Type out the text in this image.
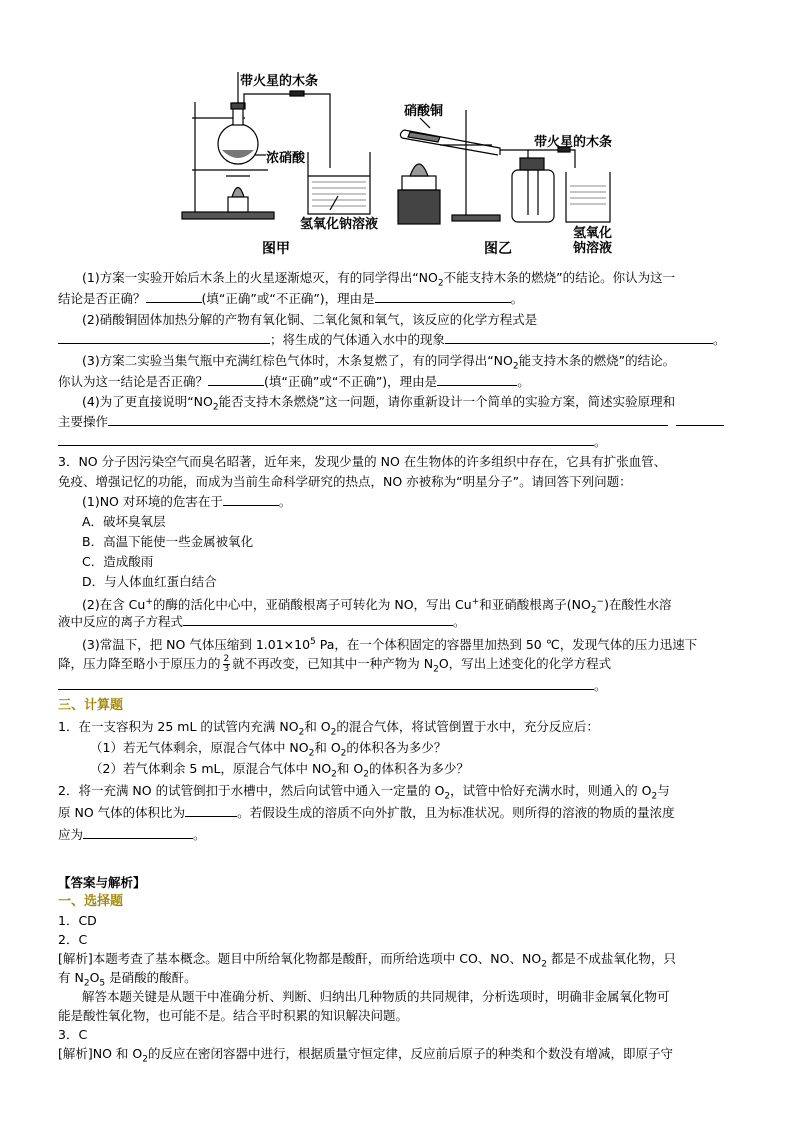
带火星的木条
浓硝酸
氢氧化钠溶液
图甲
硝酸铜
带火星的木条
氢氧化
钠溶液
图乙
(1)方案一实验开始后木条上的火星逐渐熄灭，有的同学得出“$NO_2$不能支持木条的燃烧”的结论。你认为这一
结论是否正确？	(填“正确”或“不正确”)，理由是	。
(2)硝酸铜固体加热分解的产物有氧化铜、二氧化氮和氧气，该反应的化学方程式是
；将生成的气体通入水中的现象	。
(3)方案二实验当集气瓶中充满红棕色气体时，木条复燃了，有的同学得出“$NO_2$能支持木条的燃烧”的结论。
你认为这一结论是否正确？	(填“正确”或“不正确”)，理由是	。
(4)为了更直接说明“$NO_2$能否支持木条燃烧”这一问题，请你重新设计一个简单的实验方案，简述实验原理和
主要操作
。
3．NO 分子因污染空气而臭名昭著，近年来，发现少量的 NO 在生物体的许多组织中存在，它具有扩张血管、
免疫、增强记忆的功能，而成为当前生命科学研究的热点，NO 亦被称为“明星分子”。请回答下列问题：
(1)NO 对环境的危害在于	。
A．破坏臭氧层
B．高温下能使一些金属被氧化
C．造成酸雨
D．与人体血红蛋白结合
(2)在含 Cu+的酶的活化中心中，亚硝酸根离子可转化为 NO，写出 Cu+和亚硝酸根离子$(NO_2^-)$在酸性水溶
液中反应的离子方程式	。
(3)常温下，把 NO 气体压缩到 $1.01\times 10^5$ Pa，在一个体积固定的容器里加热到 50 ℃，发现气体的压力迅速下
降，压力降至略小于原压力的 $\frac{2}{3}$ 就不再改变，已知其中一种产物为 $N_2O$，写出上述变化的化学方程式
。
三、计算题
1．在一支容积为 25 mL 的试管内充满 $NO_2$和 $O_2$的混合气体，将试管倒置于水中，充分反应后：
（1）若无气体剩余，原混合气体中 $NO_2$和 $O_2$的体积各为多少？
（2）若气体剩余 5 mL，原混合气体中 $NO_2$和 $O_2$的体积各为多少？
2．将一充满 NO 的试管倒扣于水槽中，然后向试管中通入一定量的 $O_2$，试管中恰好充满水时，则通入的 $O_2$与
原 NO 气体的体积比为	。若假设生成的溶质不向外扩散，且为标准状况。则所得的溶液的物质的量浓度
应为	。
【答案与解析】
一、选择题
1．CD
2．C
[解析]本题考查了基本概念。题目中所给氧化物都是酸酐，而所给选项中 CO、NO、$NO_2$ 都是不成盐氧化物，只
有 $N_2O_5$ 是硝酸的酸酐。
解答本题关键是从题干中准确分析、判断、归纳出几种物质的共同规律，分析选项时，明确非金属氧化物可
能是酸性氧化物，也可能不是。结合平时积累的知识解决问题。
3．C
[解析]NO 和 $O_2$的反应在密闭容器中进行，根据质量守恒定律，反应前后原子的种类和个数没有增减，即原子守
